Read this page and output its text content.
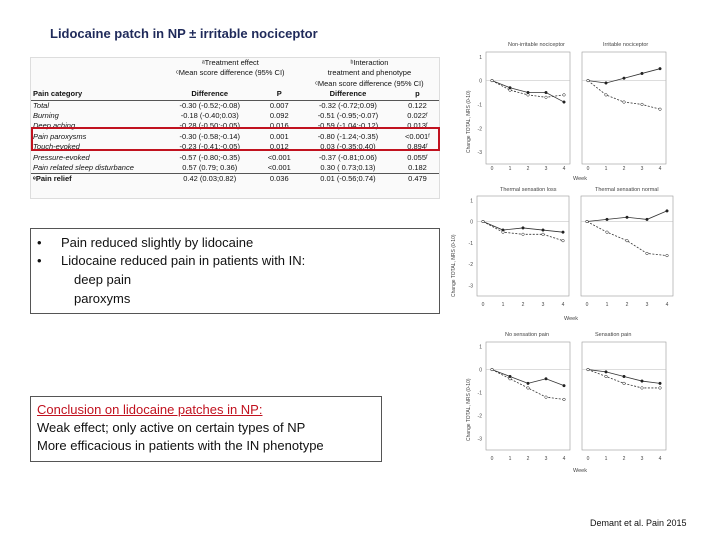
Lidocaine patch in NP ± irritable nociceptor
	ᵃTreatment effect		ᵇInteraction	
	ᶜMean score difference (95% CI)		treatment and phenotype	
			ᶜMean score difference (95% CI)	
Pain category	Difference	P	Difference	p
Total	-0.30 (-0.52;-0.08)	0.007	-0.32 (-0.72;0.09)	0.122
Burning	-0.18 (-0.40;0.03)	0.092	-0.51 (-0.95;-0.07)	0.022ᶠ
Deep aching	-0.28 (-0.50;-0.05)	0.016	-0.59 (-1.04;-0.12)	0.013ᶠ
Pain paroxysms	-0.30 (-0.58;-0.14)	0.001	-0.80 (-1.24;-0.35)	<0.001ᶠ
Touch-evoked	-0.23 (-0.41;-0.05)	0.012	0.03 (-0.35;0.40)	0.894ᶠ
Pressure-evoked	-0.57 (-0.80;-0.35)	<0.001	-0.37 (-0.81;0.06)	0.055ᶠ
Pain related sleep disturbance	0.57 (0.79; 0.36)	<0.001	0.30 ( 0.73;0.13)	0.182
ᵉPain relief	0.42 (0.03;0.82)	0.036	0.01 (-0.56;0.74)	0.479
• Pain reduced slightly by lidocaine
• Lidocaine reduced pain in patients with IN:
deep pain
paroxyms
Conclusion on lidocaine patches in NP:
Weak effect; only active on certain types of NP
More efficacious in patients with the IN phenotype
Non-irritable nociceptor	Irritable nociceptor
Change TOTAL, NRS (0-10)
Week
0	1	2	3	4
1
0
-1
-2
-3
0	1	2	3	4
Thermal sensation loss	Thermal sensation normal
Change TOTAL, NRS (0-10)
Week
0	1	2	3	4
1
0
-1
-2
-3
0	1	2	3	4
No sensation pain	Sensation pain
Change TOTAL, NRS (0-10)
Week
0	1	2	3	4
1
0
-1
-2
-3
0	1	2	3	4
Demant et al. Pain 2015
